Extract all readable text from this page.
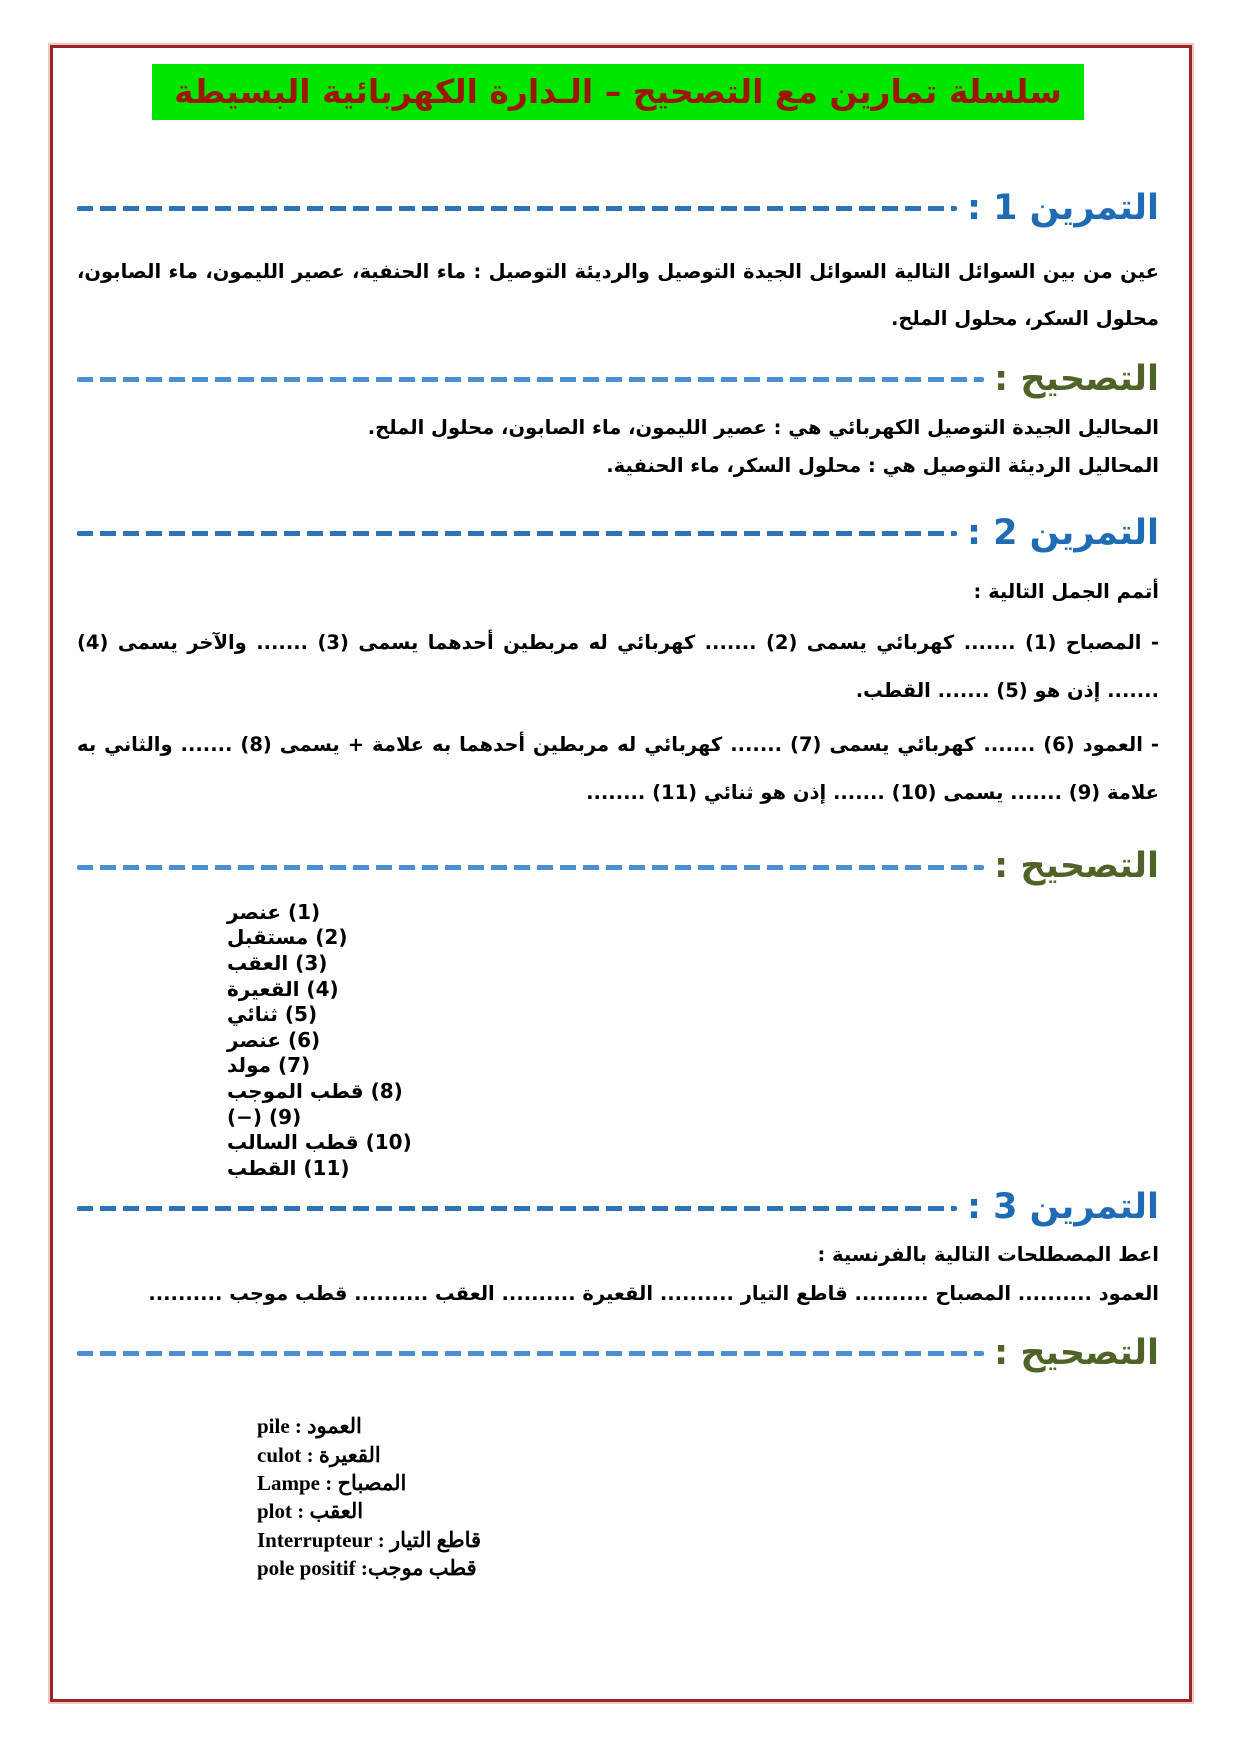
سلسلة تمارين مع التصحيح – الـدارة الكهربائية البسيطة
التمرين 1 :

عين من بين السوائل التالية السوائل الجيدة التوصيل والرديئة التوصيل : ماء الحنفية، عصير الليمون، ماء الصابون، محلول السكر، محلول الملح.

التصحيح :
المحاليل الجيدة التوصيل الكهربائي هي : عصير الليمون، ماء الصابون، محلول الملح.
المحاليل الرديئة التوصيل هي : محلول السكر، ماء الحنفية.
التمرين 2 :
أتمم الجمل التالية :

- المصباح (1) ....... كهربائي يسمى (2) ....... كهربائي له مربطين أحدهما يسمى (3) ....... والآخر يسمى (4) ....... إذن هو (5) ....... القطب.

- العمود (6) ....... كهربائي يسمى (7) ....... كهربائي له مربطين أحدهما به علامة + يسمى (8) ....... والثاني به علامة (9) ....... يسمى (10) ....... إذن هو ثنائي (11) ........

التصحيح :
(1) عنصر
(2) مستقبل
(3) العقب
(4) القعيرة
(5) ثنائي
(6) عنصر
(7) مولد
(8) قطب الموجب
(9) (−)
(10) قطب السالب
(11) القطب
التمرين 3 :
اعط المصطلحات التالية بالفرنسية :
العمود .......... المصباح .......... قاطع التيار .......... القعيرة .......... العقب .......... قطب موجب ..........
التصحيح :
العمود : pile
القعيرة : culot
المصباح : Lampe
العقب : plot
قاطع التيار : Interrupteur
قطب موجب: pole positif
